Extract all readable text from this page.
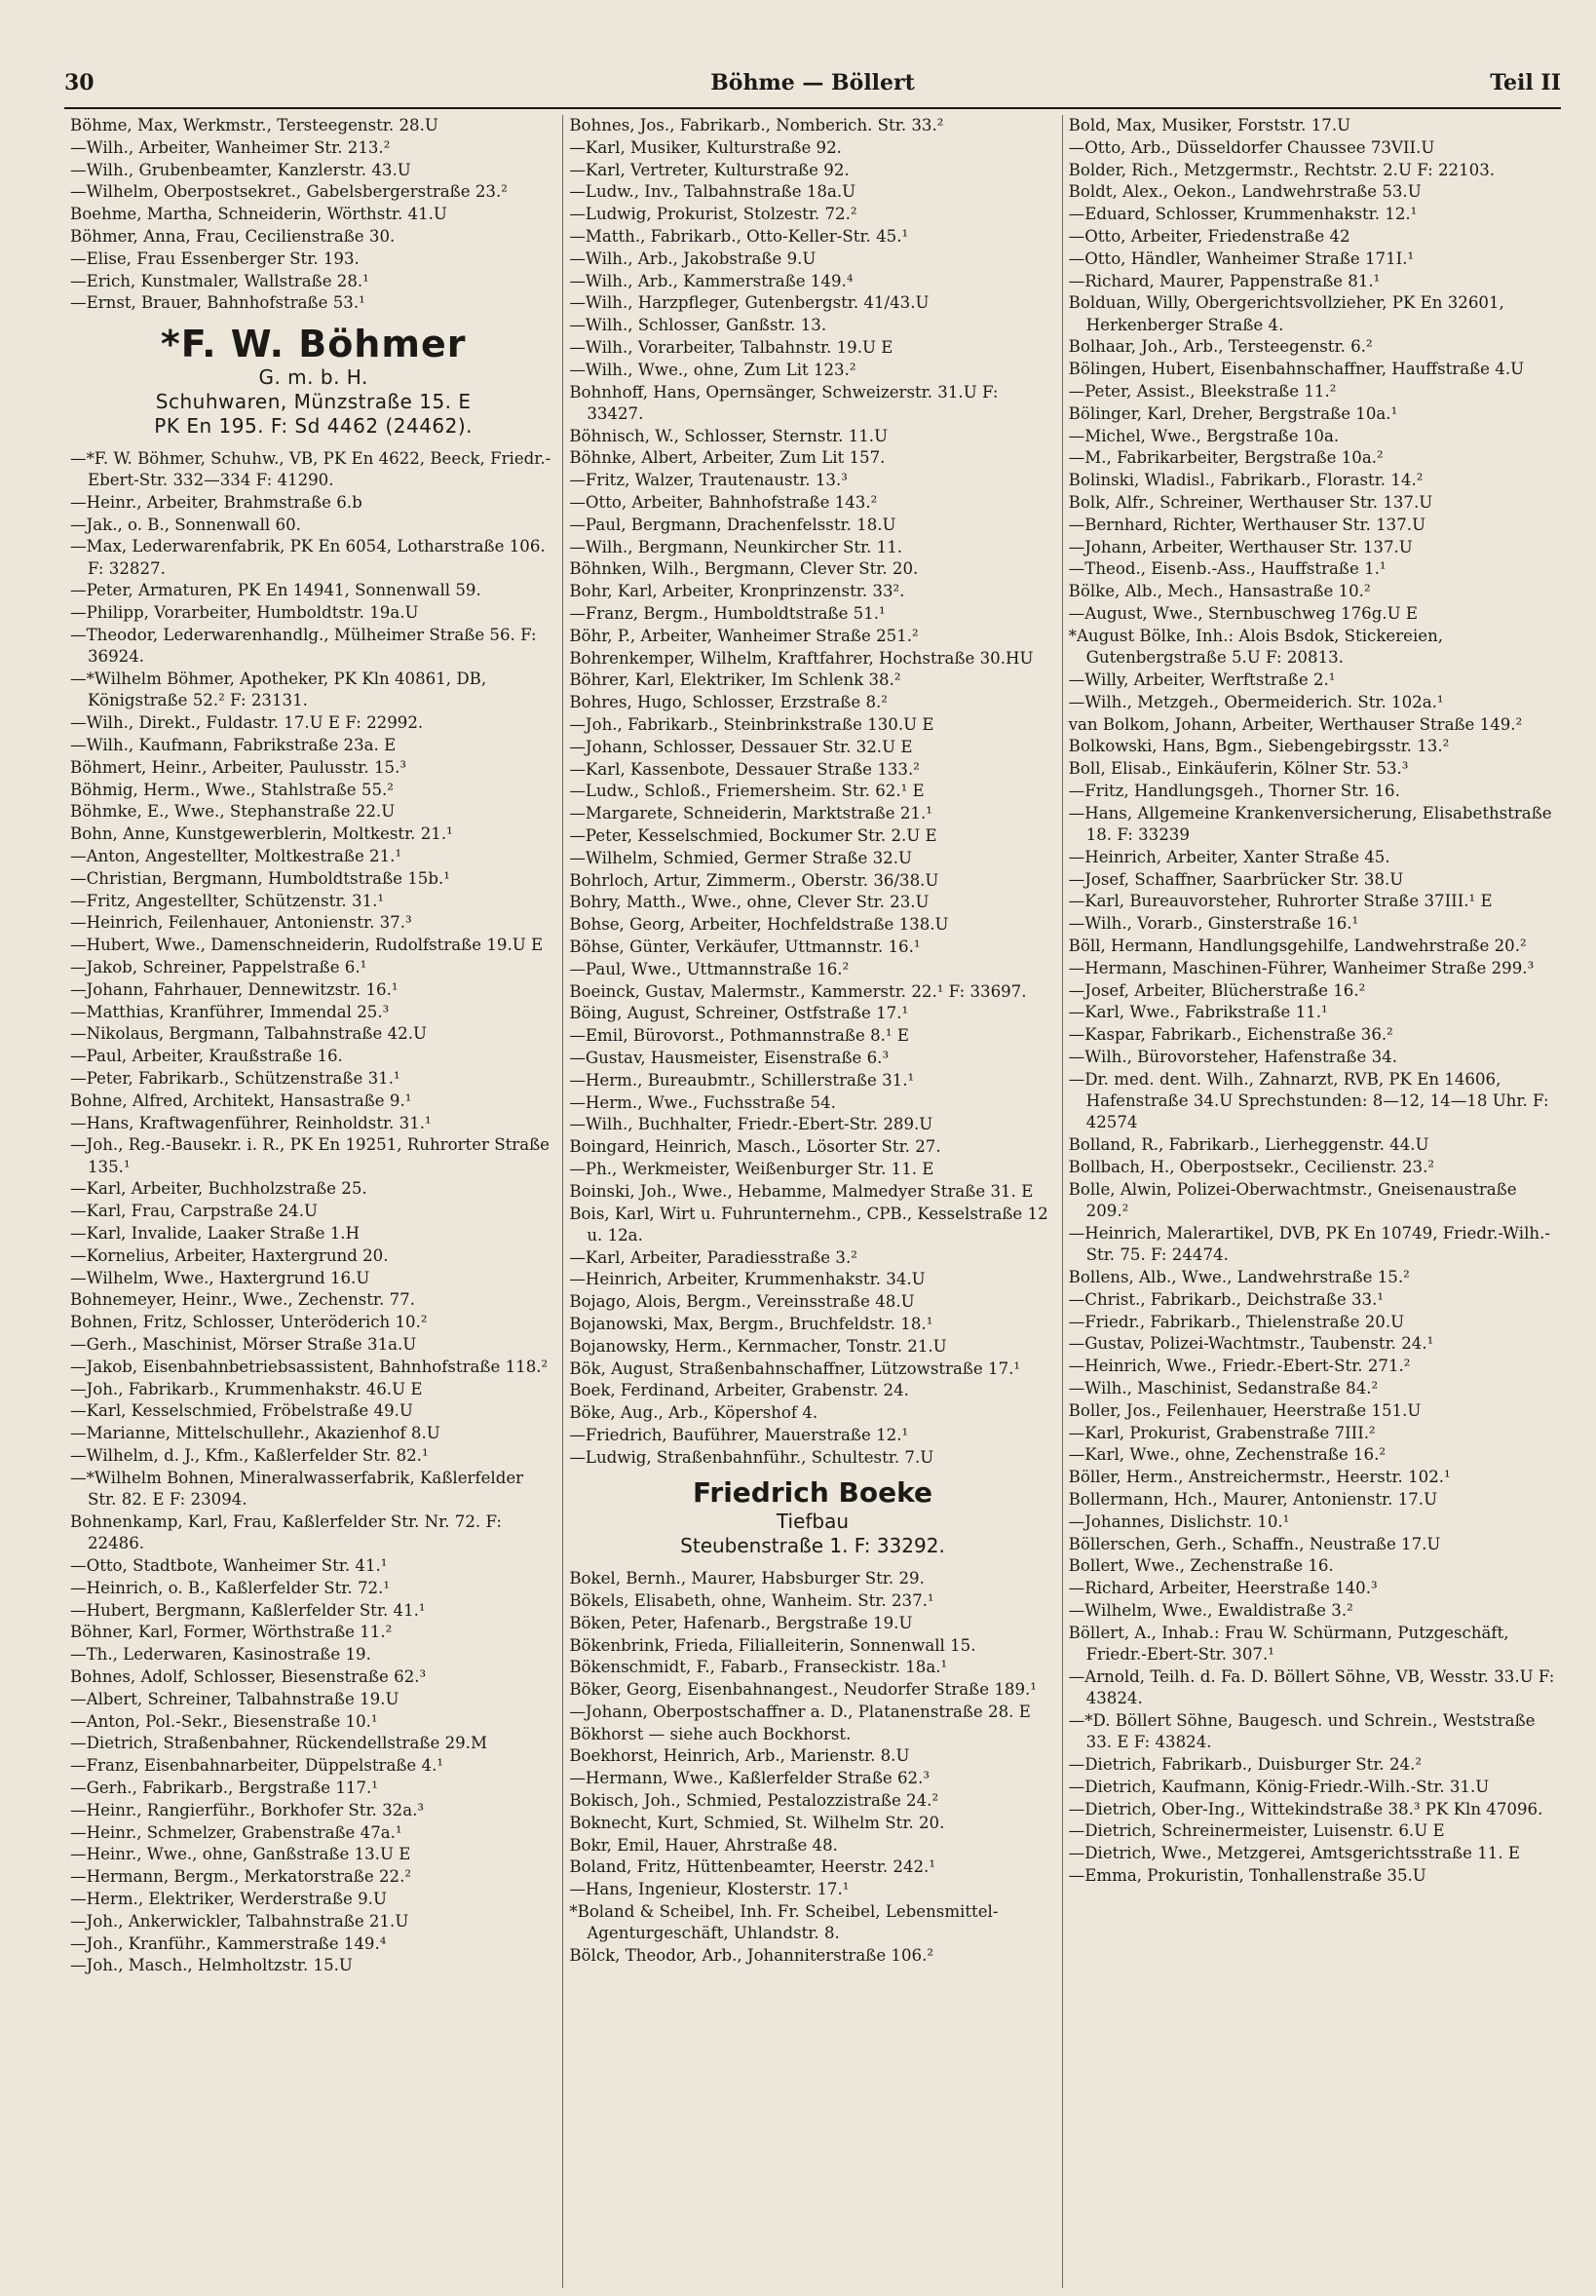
30	Böhme — Böllert	Teil II
Böhme, Max, Werkmstr., Tersteegenstr. 28.U
—Wilh., Arbeiter, Wanheimer Str. 213.²
—Wilh., Grubenbeamter, Kanzlerstr. 43.U
—Wilhelm, Oberpostsekret., Gabelsbergerstraße 23.²
Boehme, Martha, Schneiderin, Wörthstr. 41.U
Böhmer, Anna, Frau, Cecilienstraße 30.
—Elise, Frau Essenberger Str. 193.
—Erich, Kunstmaler, Wallstraße 28.¹
—Ernst, Brauer, Bahnhofstraße 53.¹
*F. W. Böhmer
G. m. b. H.
Schuhwaren, Münzstraße 15. E
PK En 195. F: Sd 4462 (24462).
—*F. W. Böhmer, Schuhw., VB, PK En 4622, Beeck, Friedr.-Ebert-Str. 332—334 F: 41290.
—Heinr., Arbeiter, Brahmstraße 6.b
—Jak., o. B., Sonnenwall 60.
—Max, Lederwarenfabrik, PK En 6054, Lotharstraße 106. F: 32827.
—Peter, Armaturen, PK En 14941, Sonnenwall 59.
—Philipp, Vorarbeiter, Humboldtstr. 19a.U
—Theodor, Lederwarenhandlg., Mülheimer Straße 56. F: 36924.
—*Wilhelm Böhmer, Apotheker, PK Kln 40861, DB, Königstraße 52.² F: 23131.
—Wilh., Direkt., Fuldastr. 17.U E F: 22992.
—Wilh., Kaufmann, Fabrikstraße 23a. E
Böhmert, Heinr., Arbeiter, Paulusstr. 15.³
Böhmig, Herm., Wwe., Stahlstraße 55.²
Böhmke, E., Wwe., Stephanstraße 22.U
Bohn, Anne, Kunstgewerblerin, Moltkestr. 21.¹
—Anton, Angestellter, Moltkestraße 21.¹
—Christian, Bergmann, Humboldtstraße 15b.¹
—Fritz, Angestellter, Schützenstr. 31.¹
—Heinrich, Feilenhauer, Antonienstr. 37.³
—Hubert, Wwe., Damenschneiderin, Rudolfstraße 19.U E
—Jakob, Schreiner, Pappelstraße 6.¹
—Johann, Fahrhauer, Dennewitzstr. 16.¹
—Matthias, Kranführer, Immendal 25.³
—Nikolaus, Bergmann, Talbahnstraße 42.U
—Paul, Arbeiter, Kraußstraße 16.
—Peter, Fabrikarb., Schützenstraße 31.¹
Bohne, Alfred, Architekt, Hansastraße 9.¹
—Hans, Kraftwagenführer, Reinholdstr. 31.¹
—Joh., Reg.-Bausekr. i. R., PK En 19251, Ruhrorter Straße 135.¹
—Karl, Arbeiter, Buchholzstraße 25.
—Karl, Frau, Carpstraße 24.U
—Karl, Invalide, Laaker Straße 1.H
—Kornelius, Arbeiter, Haxtergrund 20.
—Wilhelm, Wwe., Haxtergrund 16.U
Bohnemeyer, Heinr., Wwe., Zechenstr. 77.
Bohnen, Fritz, Schlosser, Unteröderich 10.²
—Gerh., Maschinist, Mörser Straße 31a.U
—Jakob, Eisenbahnbetriebsassistent, Bahnhofstraße 118.²
—Joh., Fabrikarb., Krummenhakstr. 46.U E
—Karl, Kesselschmied, Fröbelstraße 49.U
—Marianne, Mittelschullehr., Akazienhof 8.U
—Wilhelm, d. J., Kfm., Kaßlerfelder Str. 82.¹
—*Wilhelm Bohnen, Mineralwasserfabrik, Kaßlerfelder Str. 82. E F: 23094.
Bohnenkamp, Karl, Frau, Kaßlerfelder Str. Nr. 72. F: 22486.
—Otto, Stadtbote, Wanheimer Str. 41.¹
—Heinrich, o. B., Kaßlerfelder Str. 72.¹
—Hubert, Bergmann, Kaßlerfelder Str. 41.¹
Böhner, Karl, Former, Wörthstraße 11.²
—Th., Lederwaren, Kasinostraße 19.
Bohnes, Adolf, Schlosser, Biesenstraße 62.³
—Albert, Schreiner, Talbahnstraße 19.U
—Anton, Pol.-Sekr., Biesenstraße 10.¹
—Dietrich, Straßenbahner, Rückendellstraße 29.M
—Franz, Eisenbahnarbeiter, Düppelstraße 4.¹
—Gerh., Fabrikarb., Bergstraße 117.¹
—Heinr., Rangierführ., Borkhofer Str. 32a.³
—Heinr., Schmelzer, Grabenstraße 47a.¹
—Heinr., Wwe., ohne, Ganßstraße 13.U E
—Hermann, Bergm., Merkatorstraße 22.²
—Herm., Elektriker, Werderstraße 9.U
—Joh., Ankerwickler, Talbahnstraße 21.U
—Joh., Kranführ., Kammerstraße 149.⁴
—Joh., Masch., Helmholtzstr. 15.U
Bohnes, Jos., Fabrikarb., Nomberich. Str. 33.²
—Karl, Musiker, Kulturstraße 92.
—Karl, Vertreter, Kulturstraße 92.
—Ludw., Inv., Talbahnstraße 18a.U
—Ludwig, Prokurist, Stolzestr. 72.²
—Matth., Fabrikarb., Otto-Keller-Str. 45.¹
—Wilh., Arb., Jakobstraße 9.U
—Wilh., Arb., Kammerstraße 149.⁴
—Wilh., Harzpfleger, Gutenbergstr. 41/43.U
—Wilh., Schlosser, Ganßstr. 13.
—Wilh., Vorarbeiter, Talbahnstr. 19.U E
—Wilh., Wwe., ohne, Zum Lit 123.²
Bohnhoff, Hans, Opernsänger, Schweizerstr. 31.U F: 33427.
Böhnisch, W., Schlosser, Sternstr. 11.U
Böhnke, Albert, Arbeiter, Zum Lit 157.
—Fritz, Walzer, Trautenaustr. 13.³
—Otto, Arbeiter, Bahnhofstraße 143.²
—Paul, Bergmann, Drachenfelsstr. 18.U
—Wilh., Bergmann, Neunkircher Str. 11.
Böhnken, Wilh., Bergmann, Clever Str. 20.
Bohr, Karl, Arbeiter, Kronprinzenstr. 33².
—Franz, Bergm., Humboldtstraße 51.¹
Böhr, P., Arbeiter, Wanheimer Straße 251.²
Bohrenkemper, Wilhelm, Kraftfahrer, Hochstraße 30.HU
Böhrer, Karl, Elektriker, Im Schlenk 38.²
Bohres, Hugo, Schlosser, Erzstraße 8.²
—Joh., Fabrikarb., Steinbrinkstraße 130.U E
—Johann, Schlosser, Dessauer Str. 32.U E
—Karl, Kassenbote, Dessauer Straße 133.²
—Ludw., Schloß., Friemersheim. Str. 62.¹ E
—Margarete, Schneiderin, Marktstraße 21.¹
—Peter, Kesselschmied, Bockumer Str. 2.U E
—Wilhelm, Schmied, Germer Straße 32.U
Bohrloch, Artur, Zimmerm., Oberstr. 36/38.U
Bohry, Matth., Wwe., ohne, Clever Str. 23.U
Bohse, Georg, Arbeiter, Hochfeldstraße 138.U
Böhse, Günter, Verkäufer, Uttmannstr. 16.¹
—Paul, Wwe., Uttmannstraße 16.²
Boeinck, Gustav, Malermstr., Kammerstr. 22.¹ F: 33697.
Böing, August, Schreiner, Ostfstraße 17.¹
—Emil, Bürovorst., Pothmannstraße 8.¹ E
—Gustav, Hausmeister, Eisenstraße 6.³
—Herm., Bureaubmtr., Schillerstraße 31.¹
—Herm., Wwe., Fuchsstraße 54.
—Wilh., Buchhalter, Friedr.-Ebert-Str. 289.U
Boingard, Heinrich, Masch., Lösorter Str. 27.
—Ph., Werkmeister, Weißenburger Str. 11. E
Boinski, Joh., Wwe., Hebamme, Malmedyer Straße 31. E
Bois, Karl, Wirt u. Fuhrunternehm., CPB., Kesselstraße 12 u. 12a.
—Karl, Arbeiter, Paradiesstraße 3.²
—Heinrich, Arbeiter, Krummenhakstr. 34.U
Bojago, Alois, Bergm., Vereinsstraße 48.U
Bojanowski, Max, Bergm., Bruchfeldstr. 18.¹
Bojanowsky, Herm., Kernmacher, Tonstr. 21.U
Bök, August, Straßenbahnschaffner, Lützowstraße 17.¹
Boek, Ferdinand, Arbeiter, Grabenstr. 24.
Böke, Aug., Arb., Köpershof 4.
—Friedrich, Bauführer, Mauerstraße 12.¹
—Ludwig, Straßenbahnführ., Schultestr. 7.U
Friedrich Boeke
Tiefbau
Steubenstraße 1. F: 33292.
Bokel, Bernh., Maurer, Habsburger Str. 29.
Bökels, Elisabeth, ohne, Wanheim. Str. 237.¹
Böken, Peter, Hafenarb., Bergstraße 19.U
Bökenbrink, Frieda, Filialleiterin, Sonnenwall 15.
Bökenschmidt, F., Fabarb., Franseckistr. 18a.¹
Böker, Georg, Eisenbahnangest., Neudorfer Straße 189.¹
—Johann, Oberpostschaffner a. D., Platanenstraße 28. E
Bökhorst — siehe auch Bockhorst.
Boekhorst, Heinrich, Arb., Marienstr. 8.U
—Hermann, Wwe., Kaßlerfelder Straße 62.³
Bokisch, Joh., Schmied, Pestalozzistraße 24.²
Boknecht, Kurt, Schmied, St. Wilhelm Str. 20.
Bokr, Emil, Hauer, Ahrstraße 48.
Boland, Fritz, Hüttenbeamter, Heerstr. 242.¹
—Hans, Ingenieur, Klosterstr. 17.¹
*Boland & Scheibel, Inh. Fr. Scheibel, Lebensmittel-Agenturgeschäft, Uhlandstr. 8.
Bölck, Theodor, Arb., Johanniterstraße 106.²
Bold, Max, Musiker, Forststr. 17.U
—Otto, Arb., Düsseldorfer Chaussee 73VII.U
Bolder, Rich., Metzgermstr., Rechtstr. 2.U F: 22103.
Boldt, Alex., Oekon., Landwehrstraße 53.U
—Eduard, Schlosser, Krummenhakstr. 12.¹
—Otto, Arbeiter, Friedenstraße 42
—Otto, Händler, Wanheimer Straße 171I.¹
—Richard, Maurer, Pappenstraße 81.¹
Bolduan, Willy, Obergerichtsvollzieher, PK En 32601, Herkenberger Straße 4.
Bolhaar, Joh., Arb., Tersteegenstr. 6.²
Bölingen, Hubert, Eisenbahnschaffner, Hauffstraße 4.U
—Peter, Assist., Bleekstraße 11.²
Bölinger, Karl, Dreher, Bergstraße 10a.¹
—Michel, Wwe., Bergstraße 10a.
—M., Fabrikarbeiter, Bergstraße 10a.²
Bolinski, Wladisl., Fabrikarb., Florastr. 14.²
Bolk, Alfr., Schreiner, Werthauser Str. 137.U
—Bernhard, Richter, Werthauser Str. 137.U
—Johann, Arbeiter, Werthauser Str. 137.U
—Theod., Eisenb.-Ass., Hauffstraße 1.¹
Bölke, Alb., Mech., Hansastraße 10.²
—August, Wwe., Sternbuschweg 176g.U E
*August Bölke, Inh.: Alois Bsdok, Stickereien, Gutenbergstraße 5.U F: 20813.
—Willy, Arbeiter, Werftstraße 2.¹
—Wilh., Metzgeh., Obermeiderich. Str. 102a.¹
van Bolkom, Johann, Arbeiter, Werthauser Straße 149.²
Bolkowski, Hans, Bgm., Siebengebirgsstr. 13.²
Boll, Elisab., Einkäuferin, Kölner Str. 53.³
—Fritz, Handlungsgeh., Thorner Str. 16.
—Hans, Allgemeine Krankenversicherung, Elisabethstraße 18. F: 33239
—Heinrich, Arbeiter, Xanter Straße 45.
—Josef, Schaffner, Saarbrücker Str. 38.U
—Karl, Bureauvorsteher, Ruhrorter Straße 37III.¹ E
—Wilh., Vorarb., Ginsterstraße 16.¹
Böll, Hermann, Handlungsgehilfe, Landwehrstraße 20.²
—Hermann, Maschinen-Führer, Wanheimer Straße 299.³
—Josef, Arbeiter, Blücherstraße 16.²
—Karl, Wwe., Fabrikstraße 11.¹
—Kaspar, Fabrikarb., Eichenstraße 36.²
—Wilh., Bürovorsteher, Hafenstraße 34.
—Dr. med. dent. Wilh., Zahnarzt, RVB, PK En 14606, Hafenstraße 34.U Sprechstunden: 8—12, 14—18 Uhr. F: 42574
Bolland, R., Fabrikarb., Lierheggenstr. 44.U
Bollbach, H., Oberpostsekr., Cecilienstr. 23.²
Bolle, Alwin, Polizei-Oberwachtmstr., Gneisenaustraße 209.²
—Heinrich, Malerartikel, DVB, PK En 10749, Friedr.-Wilh.-Str. 75. F: 24474.
Bollens, Alb., Wwe., Landwehrstraße 15.²
—Christ., Fabrikarb., Deichstraße 33.¹
—Friedr., Fabrikarb., Thielenstraße 20.U
—Gustav, Polizei-Wachtmstr., Taubenstr. 24.¹
—Heinrich, Wwe., Friedr.-Ebert-Str. 271.²
—Wilh., Maschinist, Sedanstraße 84.²
Boller, Jos., Feilenhauer, Heerstraße 151.U
—Karl, Prokurist, Grabenstraße 7III.²
—Karl, Wwe., ohne, Zechenstraße 16.²
Böller, Herm., Anstreichermstr., Heerstr. 102.¹
Bollermann, Hch., Maurer, Antonienstr. 17.U
—Johannes, Dislichstr. 10.¹
Böllerschen, Gerh., Schaffn., Neustraße 17.U
Bollert, Wwe., Zechenstraße 16.
—Richard, Arbeiter, Heerstraße 140.³
—Wilhelm, Wwe., Ewaldistraße 3.²
Böllert, A., Inhab.: Frau W. Schürmann, Putzgeschäft, Friedr.-Ebert-Str. 307.¹
—Arnold, Teilh. d. Fa. D. Böllert Söhne, VB, Wesstr. 33.U F: 43824.
—*D. Böllert Söhne, Baugesch. und Schrein., Weststraße 33. E F: 43824.
—Dietrich, Fabrikarb., Duisburger Str. 24.²
—Dietrich, Kaufmann, König-Friedr.-Wilh.-Str. 31.U
—Dietrich, Ober-Ing., Wittekindstraße 38.³ PK Kln 47096.
—Dietrich, Schreinermeister, Luisenstr. 6.U E
—Dietrich, Wwe., Metzgerei, Amtsgerichtsstraße 11. E
—Emma, Prokuristin, Tonhallenstraße 35.U
